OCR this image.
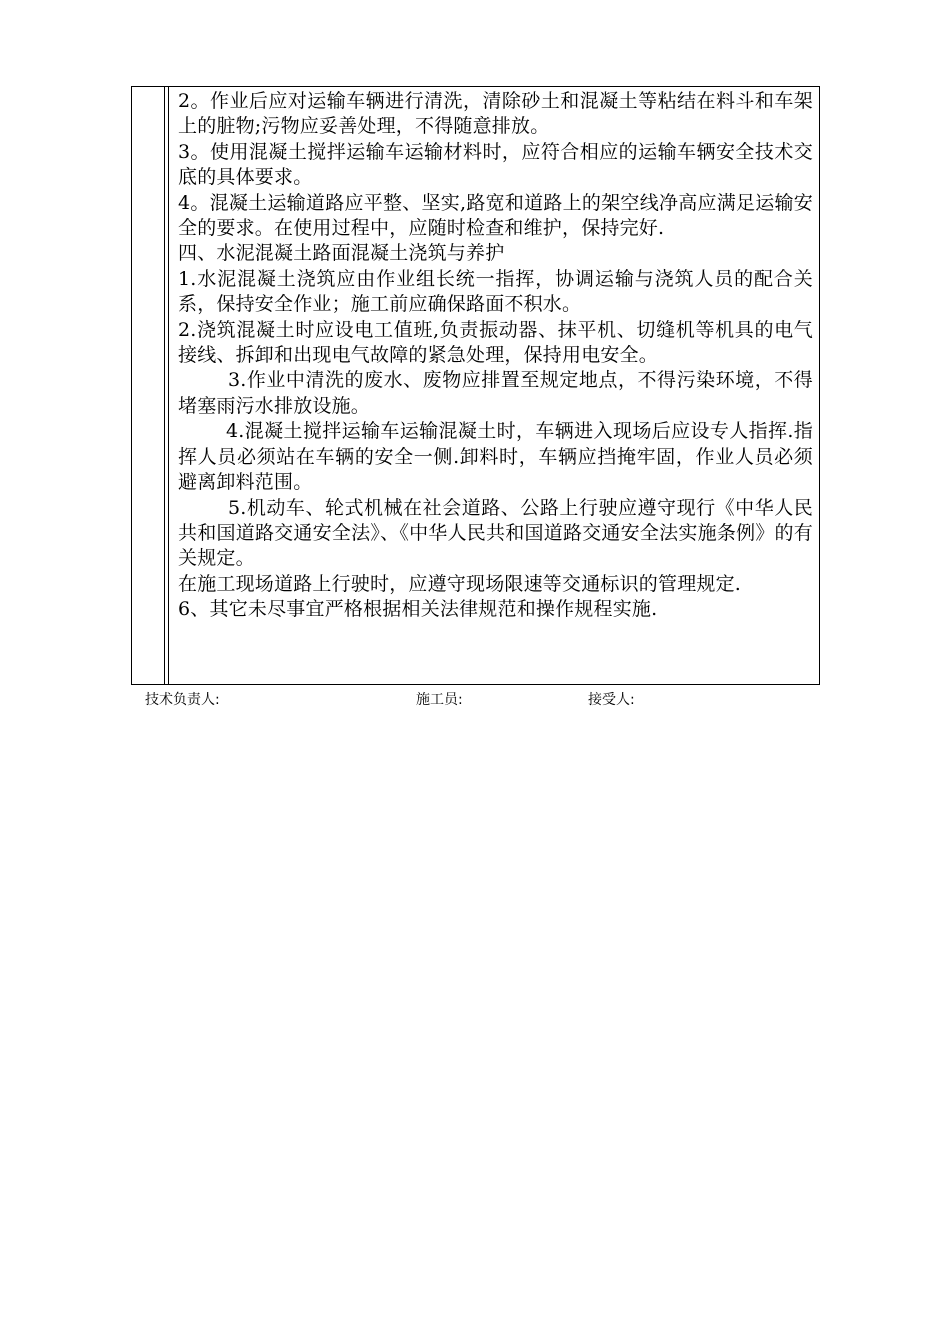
2。作业后应对运输车辆进行清洗，清除砂土和混凝土等粘结在料斗和车架上的脏物;污物应妥善处理，不得随意排放。

3。使用混凝土搅拌运输车运输材料时，应符合相应的运输车辆安全技术交底的具体要求。

4。混凝土运输道路应平整、坚实,路宽和道路上的架空线净高应满足运输安全的要求。在使用过程中，应随时检查和维护，保持完好.

四、水泥混凝土路面混凝土浇筑与养护

1.水泥混凝土浇筑应由作业组长统一指挥，协调运输与浇筑人员的配合关系，保持安全作业；施工前应确保路面不积水。

2.浇筑混凝土时应设电工值班,负责振动器、抹平机、切缝机等机具的电气接线、拆卸和出现电气故障的紧急处理，保持用电安全。

3.作业中清洗的废水、废物应排置至规定地点，不得污染环境，不得堵塞雨污水排放设施。

4.混凝土搅拌运输车运输混凝土时，车辆进入现场后应设专人指挥.指挥人员必须站在车辆的安全一侧.卸料时，车辆应挡掩牢固，作业人员必须避离卸料范围。

5.机动车、轮式机械在社会道路、公路上行驶应遵守现行《中华人民共和国道路交通安全法》、《中华人民共和国道路交通安全法实施条例》的有关规定。

在施工现场道路上行驶时，应遵守现场限速等交通标识的管理规定.

6、其它未尽事宜严格根据相关法律规范和操作规程实施.

技术负责人:	施工员:	接受人:
